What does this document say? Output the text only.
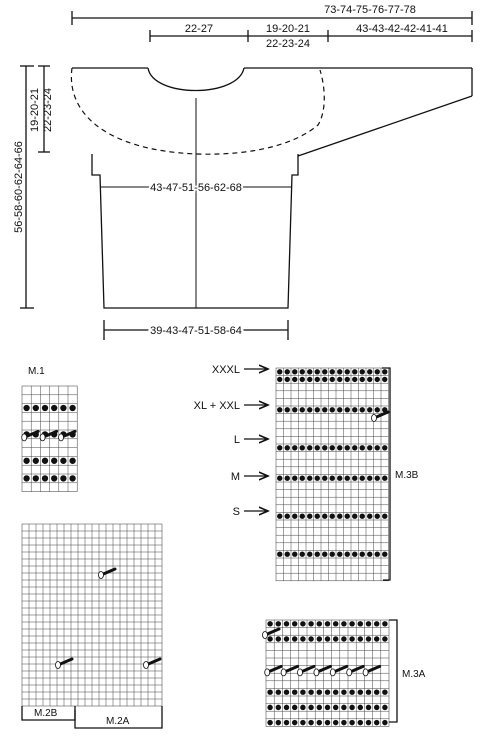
73-74-75-76-77-78
22-27	19-20-21
22-23-24
43-43-42-42-41-41
43-47-51-56-62-68
56-58-60-62-64-66
19-20-21 22-23-24
39-43-47-51-58-64
M.1
M.2B
M.2A
M.3B
XXXL
XL + XXL
L
M
S
M.3A
